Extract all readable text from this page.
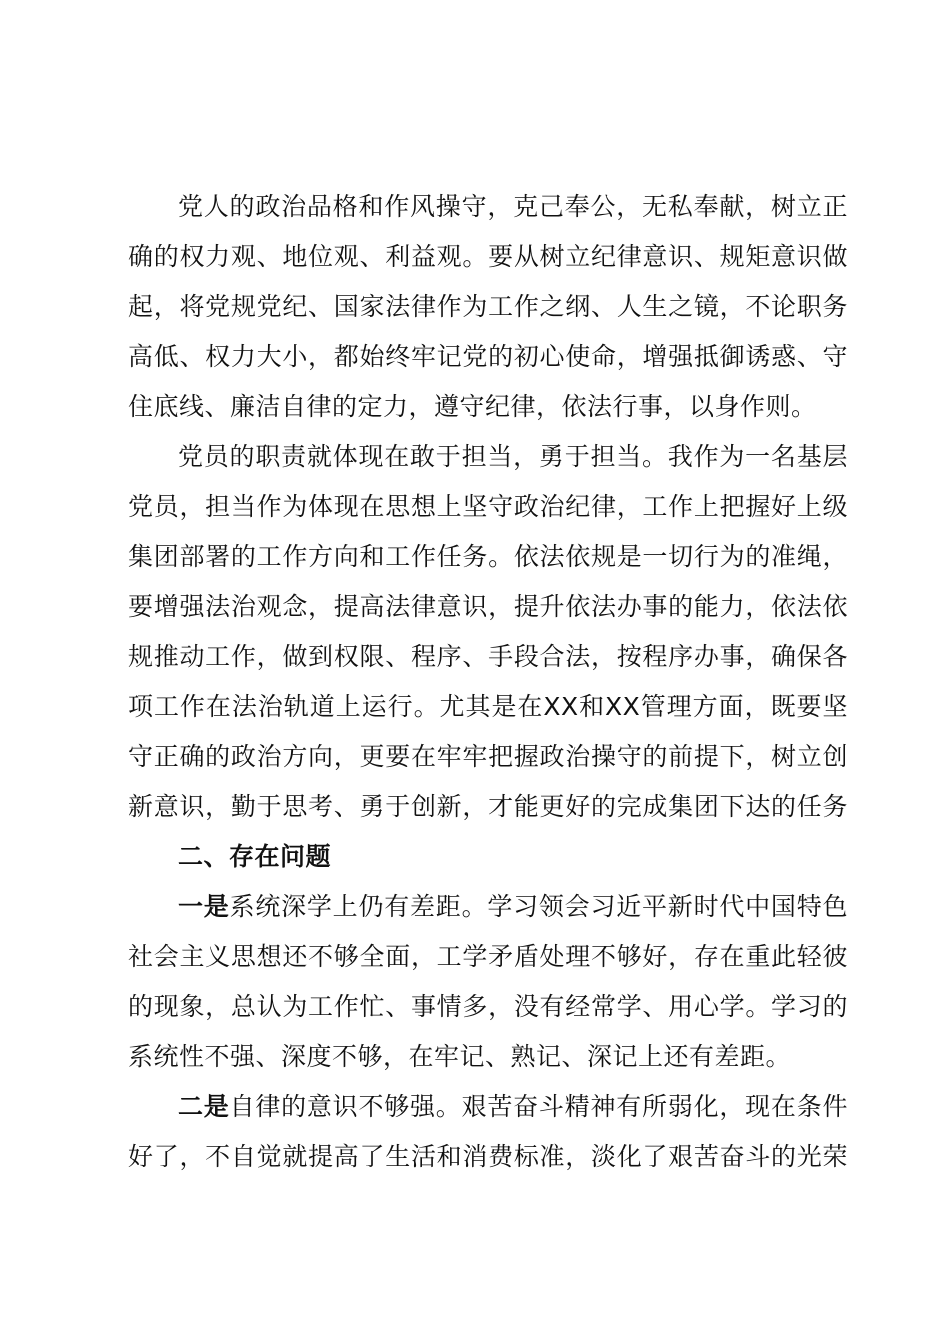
党人的政治品格和作风操守，克己奉公，无私奉献，树立正
确的权力观、地位观、利益观。要从树立纪律意识、规矩意识做
起，将党规党纪、国家法律作为工作之纲、人生之镜，不论职务
高低、权力大小，都始终牢记党的初心使命，增强抵御诱惑、守
住底线、廉洁自律的定力，遵守纪律，依法行事，以身作则。
党员的职责就体现在敢于担当，勇于担当。我作为一名基层
党员，担当作为体现在思想上坚守政治纪律，工作上把握好上级
集团部署的工作方向和工作任务。依法依规是一切行为的准绳，
要增强法治观念，提高法律意识，提升依法办事的能力，依法依
规推动工作，做到权限、程序、手段合法，按程序办事，确保各
项工作在法治轨道上运行。尤其是在XX和XX管理方面，既要坚
守正确的政治方向，更要在牢牢把握政治操守的前提下，树立创
新意识，勤于思考、勇于创新，才能更好的完成集团下达的任务
二、存在问题
一是系统深学上仍有差距。学习领会习近平新时代中国特色
社会主义思想还不够全面，工学矛盾处理不够好，存在重此轻彼
的现象，总认为工作忙、事情多，没有经常学、用心学。学习的
系统性不强、深度不够，在牢记、熟记、深记上还有差距。
二是自律的意识不够强。艰苦奋斗精神有所弱化，现在条件
好了，不自觉就提高了生活和消费标准，淡化了艰苦奋斗的光荣
